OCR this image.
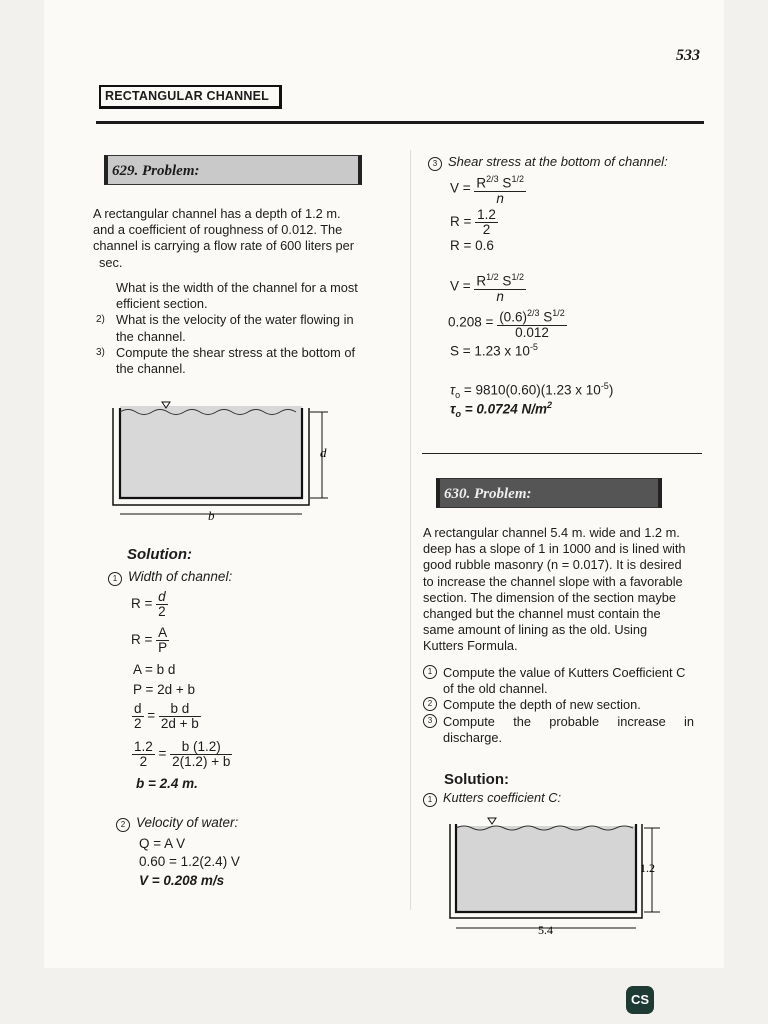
533
RECTANGULAR CHANNEL
629. Problem:
A rectangular channel has a depth of 1.2 m.
and a coefficient of roughness of 0.012. The
channel is carrying a flow rate of 600 liters per
sec.
What is the width of the channel for a most efficient section.
2) What is the velocity of the water flowing in the channel.
3) Compute the shear stress at the bottom of the channel.
d
b
Solution:
1 Width of channel:
$R = \frac{d}{2}$
$R = \frac{A}{P}$
A = b d
P = 2d + b
$\frac{d}{2} = \frac{\text{b d}}{2d + b}$
$\frac{1.2}{2} = \frac{b (1.2)}{2(1.2) + b}$
b = 2.4 m.
2 Velocity of water:
Q = A V
0.60 = 1.2(2.4) V
V = 0.208 m/s
3 Shear stress at the bottom of channel:
$V = \frac{R^{2/3} S^{1/2}}{n}$
$R = \frac{1.2}{2}$
R = 0.6
$V = \frac{R^{1/2} S^{1/2}}{n}$
$0.208 = \frac{(0.6)^{2/3} S^{1/2}}{0.012}$
S = 1.23 x $10^{-5}$
$\tau_o = 9810(0.60)(1.23$ x $10^{-5}$)
$\tau_o = 0.0724$ $N/m^2$
630. Problem:
A rectangular channel 5.4 m. wide and 1.2 m.
deep has a slope of 1 in 1000 and is lined with
good rubble masonry (n = 0.017). It is desired
to increase the channel slope with a favorable
section. The dimension of the section maybe
changed but the channel must contain the
same amount of lining as the old. Using
Kutters Formula.
1 Compute the value of Kutters Coefficient C of the old channel.
2 Compute the depth of new section.
3 Compute the probable increase in discharge.
Solution:
1 Kutters coefficient C:
1.2
5.4
CS
